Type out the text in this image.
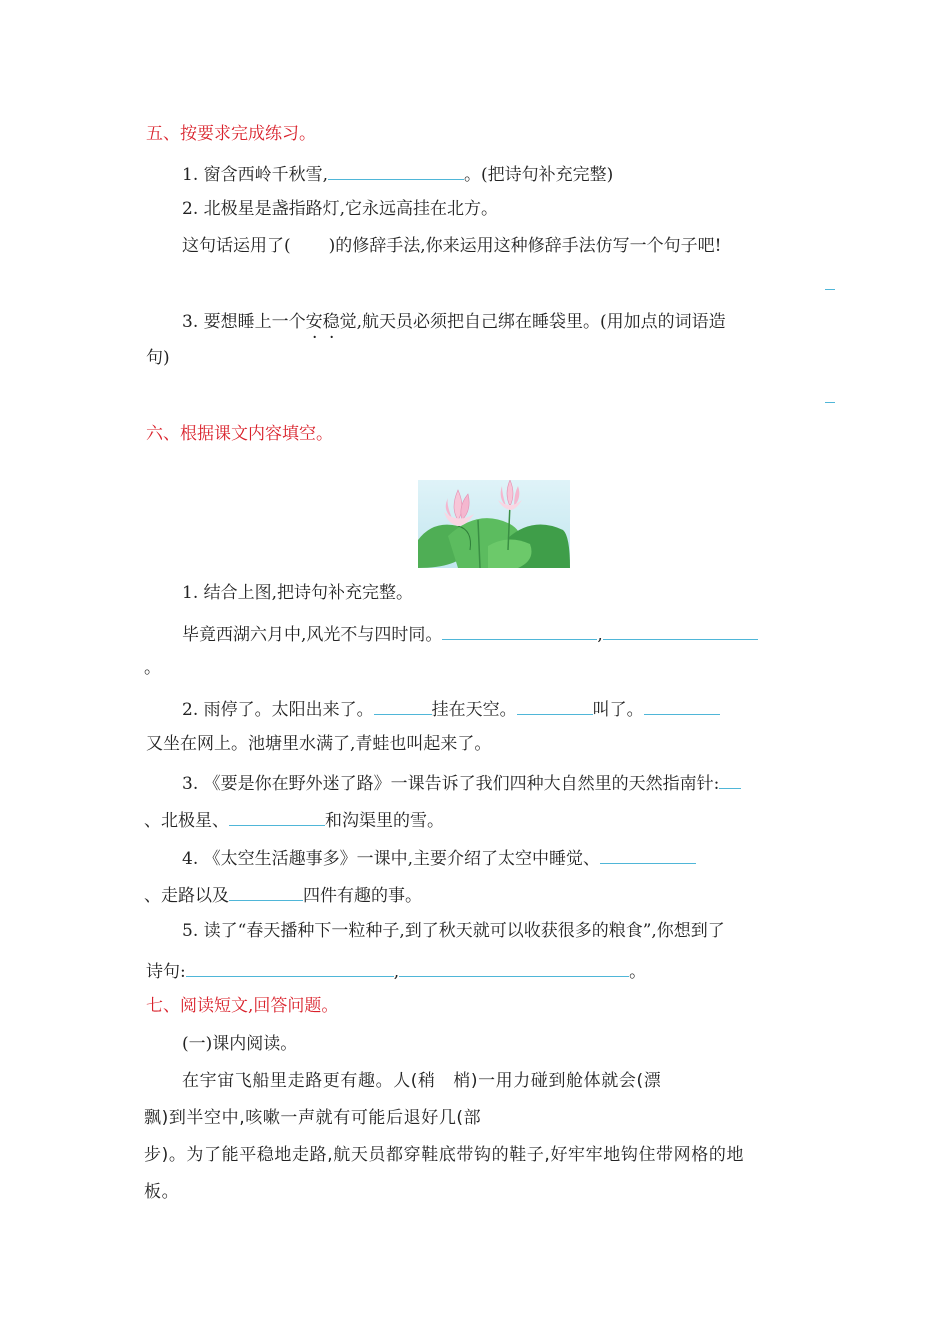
五、按要求完成练习。
1. 窗含西岭千秋雪,	。(把诗句补充完整)
2. 北极星是盏指路灯,它永远高挂在北方。
这句话运用了( )的修辞手法,你来运用这种修辞手法仿写一个句子吧!
3. 要想睡上一个安稳觉,航天员必须把自己绑在睡袋里。(用加点的词语造
· ·
句)
六、根据课文内容填空。
1. 结合上图,把诗句补充完整。
毕竟西湖六月中,风光不与四时同。	,
。
2. 雨停了。太阳出来了。	挂在天空。	叫了。
又坐在网上。池塘里水满了,青蛙也叫起来了。
3. 《要是你在野外迷了路》一课告诉了我们四种大自然里的天然指南针:
、北极星、	和沟渠里的雪。
4. 《太空生活趣事多》一课中,主要介绍了太空中睡觉、
、走路以及	四件有趣的事。
5. 读了“春天播种下一粒种子,到了秋天就可以收获很多的粮食”,你想到了
诗句:	,	。
七、阅读短文,回答问题。
(一)课内阅读。
在宇宙飞船里走路更有趣。人(稍　梢)一用力碰到舱体就会(漂
飘)到半空中,咳嗽一声就有可能后退好几(部
步)。为了能平稳地走路,航天员都穿鞋底带钩的鞋子,好牢牢地钩住带网格的地
板。
